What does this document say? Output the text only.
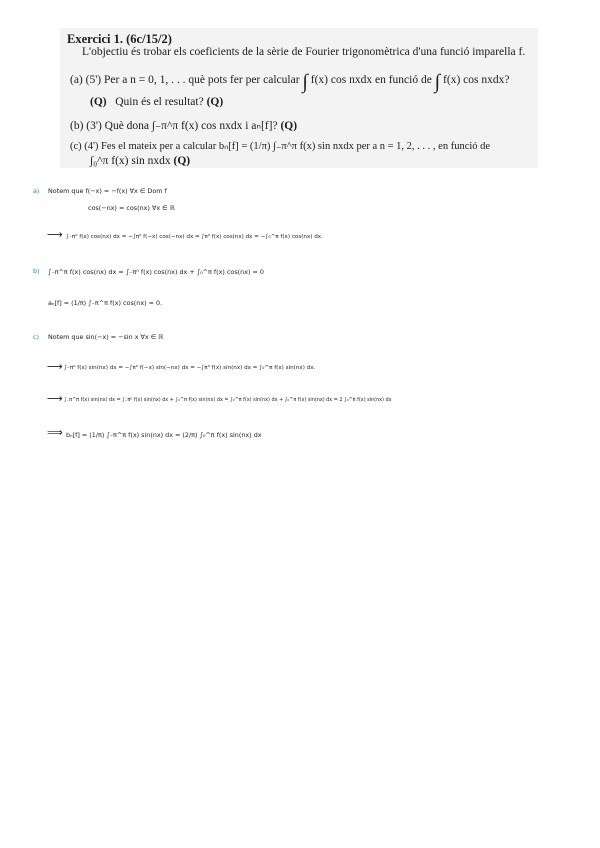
Exercici 1. (6c/15/2)
L'objectiu és trobar els coeficients de la sèrie de Fourier trigonomètrica d'una funció imparella f.
(a) (5') Per a n = 0, 1, . . . què pots fer per calcular ∫ f(x) cos nxdx en funció de ∫ f(x) cos nxdx?
(Q) Quin és el resultat? (Q)
(b) (3') Què dona ∫₋π^π f(x) cos nxdx i aₙ[f]? (Q)
(c) (4') Fes el mateix per a calcular bₙ[f] = (1/π) ∫₋π^π f(x) sin nxdx per a n = 1, 2, . . . , en funció de
∫₀^π f(x) sin nxdx (Q)
a) Notem que f(−x) = −f(x) ∀x ∈ Dom f
cos(−nx) = cos(nx) ∀x ∈ ℝ
⟶ ∫₋π⁰ f(x) cos(nx) dx = −∫π⁰ f(−x) cos(−nx) dx = ∫π⁰ f(x) cos(nx) dx = −∫₀^π f(x) cos(nx) dx.
b) ∫₋π^π f(x) cos(nx) dx = ∫₋π⁰ f(x) cos(nx) dx + ∫₀^π f(x) cos(nx) = 0
aₙ[f] = (1/π) ∫₋π^π f(x) cos(nx) = 0.
c) Notem que sin(−x) = −sin x ∀x ∈ ℝ
⟶ ∫₋π⁰ f(x) sin(nx) dx = −∫π⁰ f(−x) sin(−nx) dx = −∫π⁰ f(x) sin(nx) dx = ∫₀^π f(x) sin(nx) dx.
⟶ ∫₋π^π f(x) sin(nx) dx = ∫₋π⁰ f(x) sin(nx) dx + ∫₀^π f(x) sin(nx) dx = ∫₀^π f(x) sin(nx) dx + ∫₀^π f(x) sin(nx) dx = 2 ∫₀^π f(x) sin(nx) dx
⟹ bₙ[f] = (1/π) ∫₋π^π f(x) sin(nx) dx = (2/π) ∫₀^π f(x) sin(nx) dx
